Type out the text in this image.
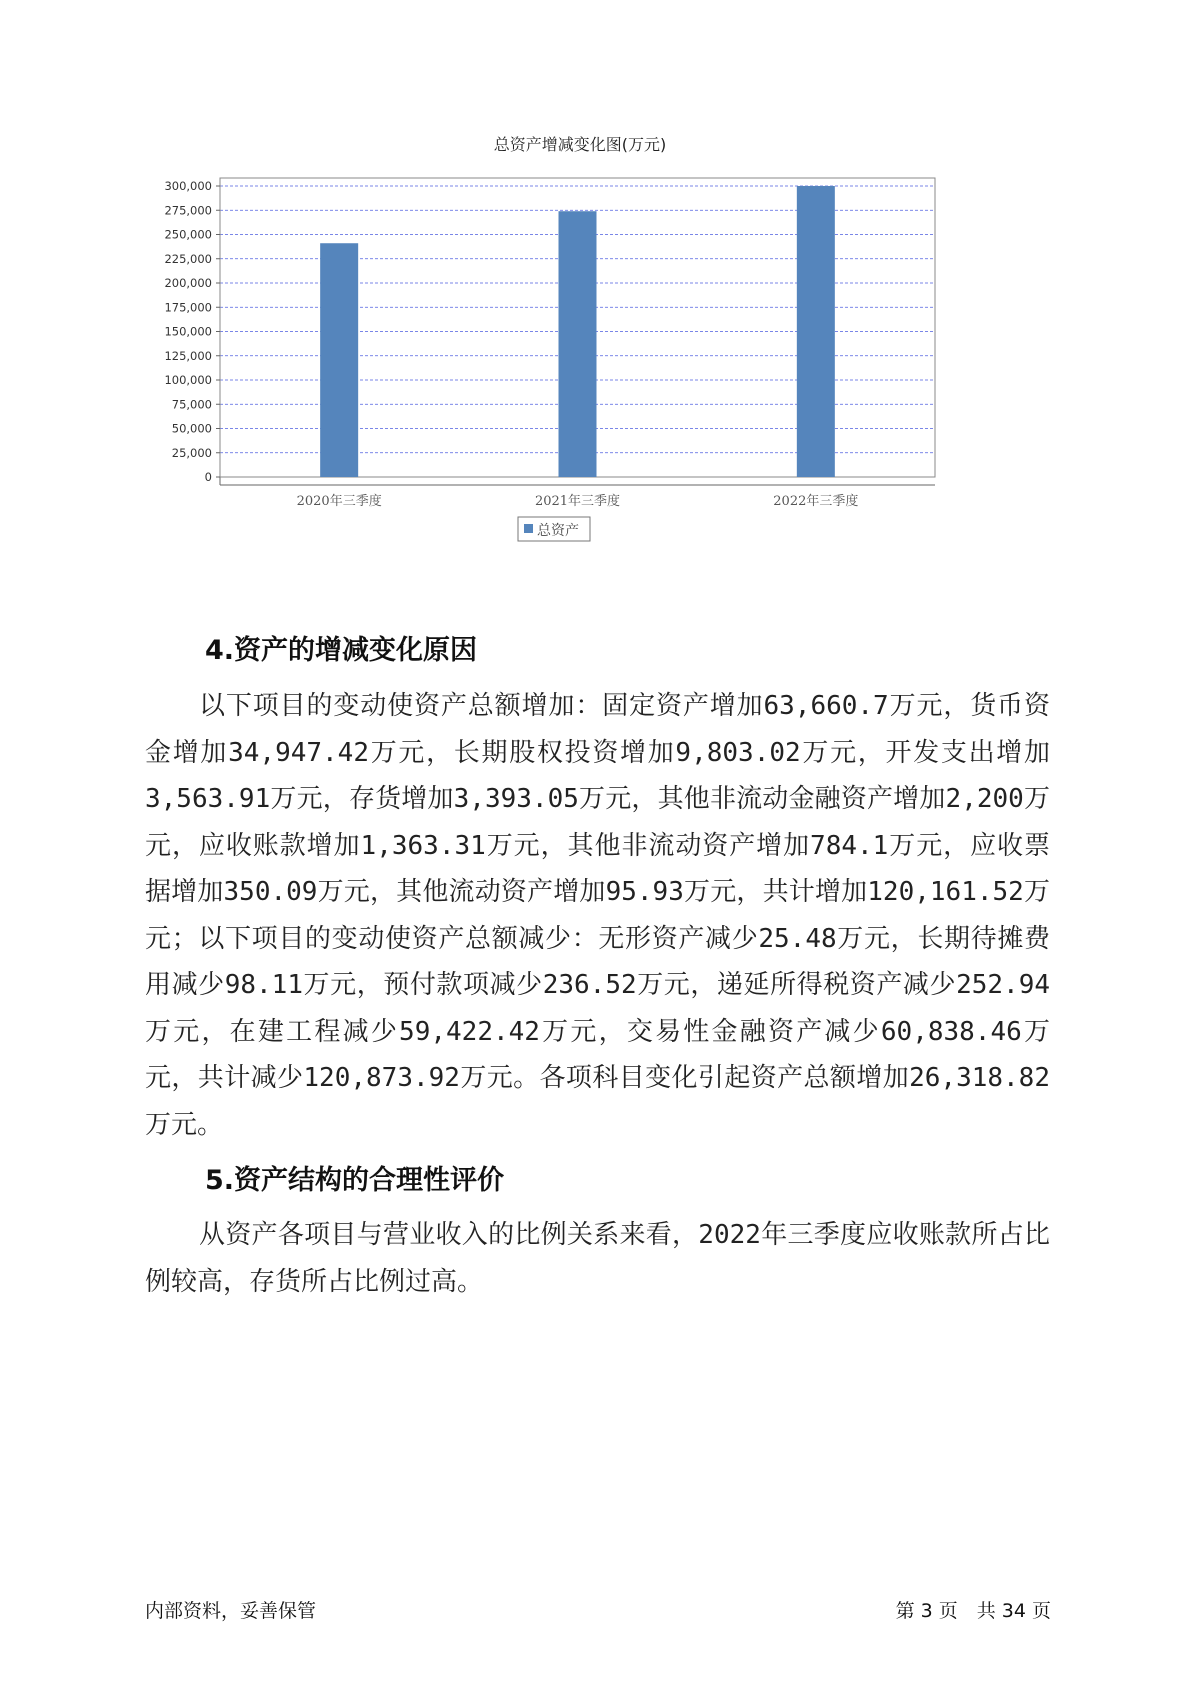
总资产增减变化图(万元)
2020年三季度	2021年三季度	2022年三季度
0
25,000
50,000
75,000
100,000
125,000
150,000
175,000
200,000
225,000
250,000
275,000
300,000
总资产
4.资产的增减变化原因

以下项目的变动使资产总额增加：固定资产增加63,660.7万元，货币资金增加34,947.42万元，长期股权投资增加9,803.02万元，开发支出增加3,563.91万元，存货增加3,393.05万元，其他非流动金融资产增加2,200万元，应收账款增加1,363.31万元，其他非流动资产增加784.1万元，应收票据增加350.09万元，其他流动资产增加95.93万元，共计增加120,161.52万元；以下项目的变动使资产总额减少：无形资产减少25.48万元，长期待摊费用减少98.11万元，预付款项减少236.52万元，递延所得税资产减少252.94万元，在建工程减少59,422.42万元，交易性金融资产减少60,838.46万元，共计减少120,873.92万元。各项科目变化引起资产总额增加26,318.82万元。

5.资产结构的合理性评价

从资产各项目与营业收入的比例关系来看，2022年三季度应收账款所占比例较高，存货所占比例过高。

内部资料，妥善保管	第 3 页　共 34 页
